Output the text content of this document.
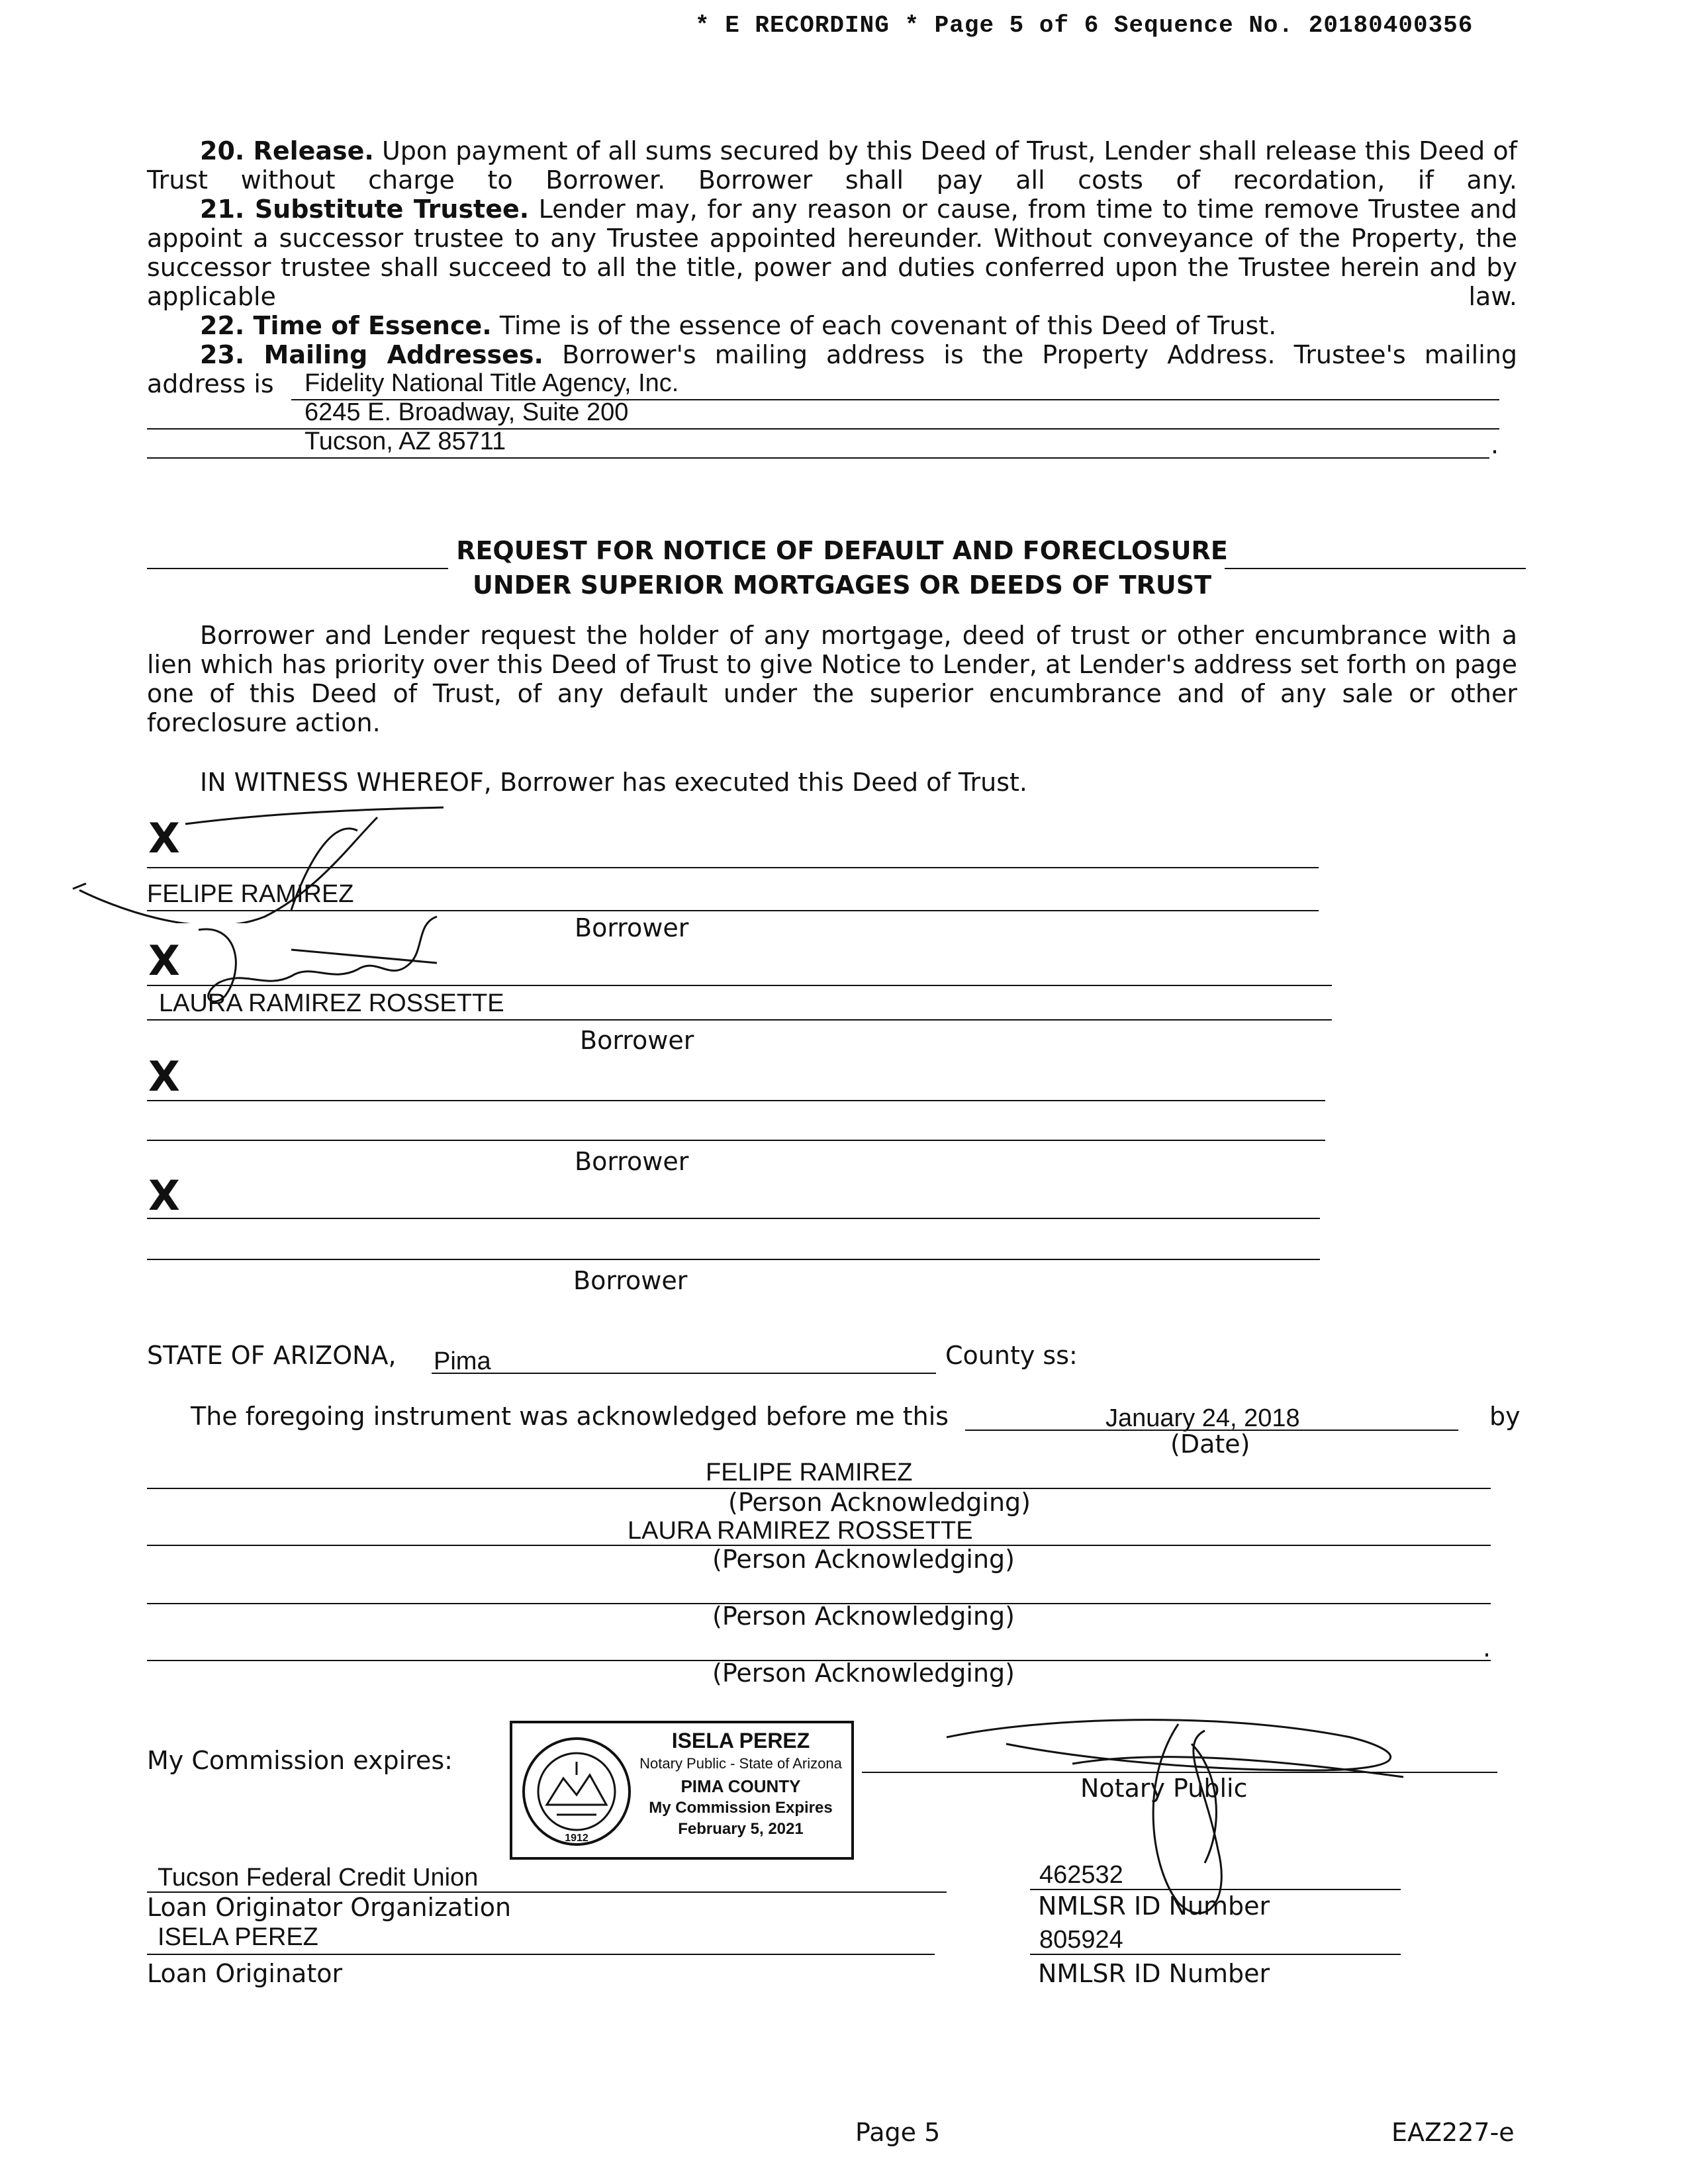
* E RECORDING * Page 5 of 6 Sequence No. 20180400356
20. Release. Upon payment of all sums secured by this Deed of Trust, Lender shall release this Deed of Trust without charge to Borrower. Borrower shall pay all costs of recordation, if any.
21. Substitute Trustee. Lender may, for any reason or cause, from time to time remove Trustee and appoint a successor trustee to any Trustee appointed hereunder. Without conveyance of the Property, the successor trustee shall succeed to all the title, power and duties conferred upon the Trustee herein and by applicable law.
22. Time of Essence. Time is of the essence of each covenant of this Deed of Trust.
23. Mailing Addresses. Borrower's mailing address is the Property Address. Trustee's mailing
address is Fidelity National Title Agency, Inc.
6245 E. Broadway, Suite 200
Tucson, AZ 85711	.
REQUEST FOR NOTICE OF DEFAULT AND FORECLOSURE
UNDER SUPERIOR MORTGAGES OR DEEDS OF TRUST
Borrower and Lender request the holder of any mortgage, deed of trust or other encumbrance with a lien which has priority over this Deed of Trust to give Notice to Lender, at Lender's address set forth on page one of this Deed of Trust, of any default under the superior encumbrance and of any sale or other foreclosure action.
IN WITNESS WHEREOF, Borrower has executed this Deed of Trust.
X
FELIPE RAMIREZ
Borrower
X
LAURA RAMIREZ ROSSETTE
Borrower
X
Borrower
X
Borrower
STATE OF ARIZONA, Pima	County ss:
The foregoing instrument was acknowledged before me this	January 24, 2018	by
(Date)
FELIPE RAMIREZ
(Person Acknowledging)
LAURA RAMIREZ ROSSETTE
(Person Acknowledging)
(Person Acknowledging)
.
(Person Acknowledging)
My Commission expires:
1912
ISELA PEREZ
Notary Public - State of Arizona
PIMA COUNTY
My Commission Expires
February 5, 2021
Notary Public
Tucson Federal Credit Union
Loan Originator Organization
462532
NMLSR ID Number
ISELA PEREZ
Loan Originator
805924
NMLSR ID Number
Page 5	EAZ227-e
